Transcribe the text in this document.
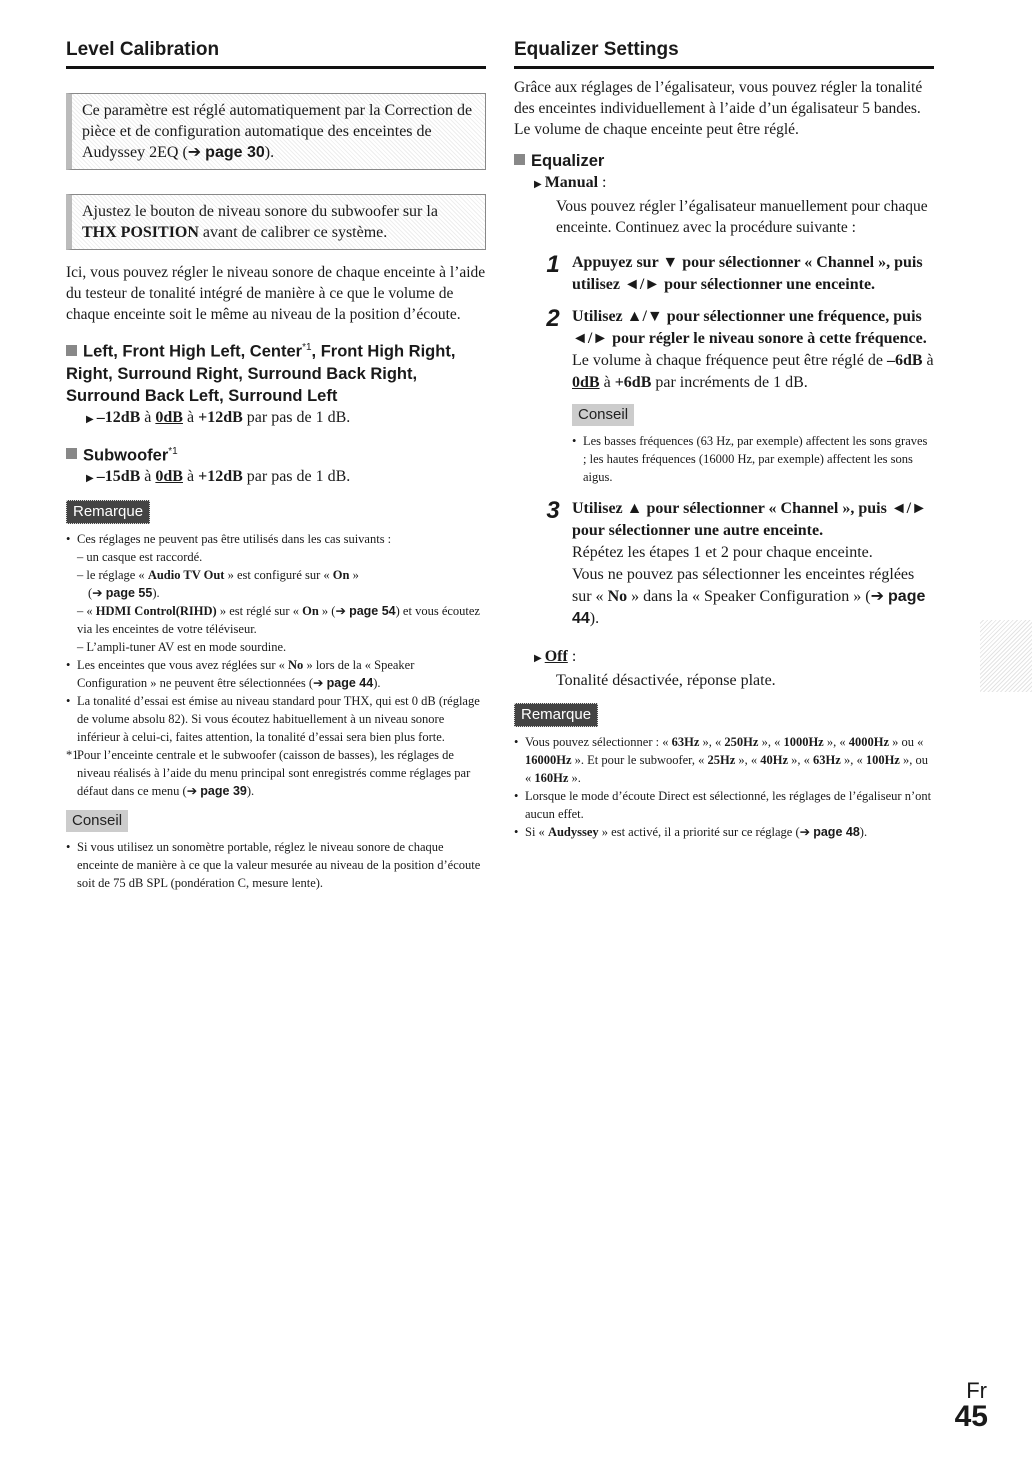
Level Calibration
Ce paramètre est réglé automatiquement par la Correction de pièce et de configuration automatique des enceintes de Audyssey 2EQ (➔ page 30).
Ajustez le bouton de niveau sonore du subwoofer sur la THX POSITION avant de calibrer ce système.

Ici, vous pouvez régler le niveau sonore de chaque enceinte à l’aide du testeur de tonalité intégré de manière à ce que le volume de chaque enceinte soit le même au niveau de la position d’écoute.

Left, Front High Left, Center$^{*1}$, Front High Right, Right, Surround Right, Surround Back Right, Surround Back Left, Surround Left

▶ –12dB à 0dB à +12dB par pas de 1 dB.

Subwoofer$^{*1}$

▶ –15dB à 0dB à +12dB par pas de 1 dB.

Remarque
• Ces réglages ne peuvent pas être utilisés dans les cas suivants :
– un casque est raccordé.
– le réglage « Audio TV Out » est configuré sur « On »
(➔ page 55).
– « HDMI Control(RIHD) » est réglé sur « On » (➔ page 54) et vous écoutez via les enceintes de votre téléviseur.
– L’ampli-tuner AV est en mode sourdine.
• Les enceintes que vous avez réglées sur « No » lors de la « Speaker Configuration » ne peuvent être sélectionnées (➔ page 44).
• La tonalité d’essai est émise au niveau standard pour THX, qui est 0 dB (réglage de volume absolu 82). Si vous écoutez habituellement à un niveau sonore inférieur à celui-ci, faites attention, la tonalité d’essai sera bien plus forte.
*1
Pour l’enceinte centrale et le subwoofer (caisson de basses), les réglages de niveau réalisés à l’aide du menu principal sont enregistrés comme réglages par défaut dans ce menu (➔ page 39).
Conseil
• Si vous utilisez un sonomètre portable, réglez le niveau sonore de chaque enceinte de manière à ce que la valeur mesurée au niveau de la position d’écoute soit de 75 dB SPL (pondération C, mesure lente).
Equalizer Settings

Grâce aux réglages de l’égalisateur, vous pouvez régler la tonalité des enceintes individuellement à l’aide d’un égalisateur 5 bandes. Le volume de chaque enceinte peut être réglé.

Equalizer

▶ Manual :

Vous pouvez régler l’égalisateur manuellement pour chaque enceinte. Continuez avec la procédure suivante :

1 Appuyez sur ▼ pour sélectionner « Channel », puis utilisez ◄/► pour sélectionner une enceinte.

2 Utilisez ▲/▼ pour sélectionner une fréquence, puis ◄/► pour régler le niveau sonore à cette fréquence.

Le volume à chaque fréquence peut être réglé de –6dB à 0dB à +6dB par incréments de 1 dB.

Conseil
• Les basses fréquences (63 Hz, par exemple) affectent les sons graves ; les hautes fréquences (16000 Hz, par exemple) affectent les sons aigus.
3 Utilisez ▲ pour sélectionner « Channel », puis ◄/► pour sélectionner une autre enceinte.

Répétez les étapes 1 et 2 pour chaque enceinte.

Vous ne pouvez pas sélectionner les enceintes réglées sur « No » dans la « Speaker Configuration » (➔ page 44).

▶ Off :

Tonalité désactivée, réponse plate.

Remarque
• Vous pouvez sélectionner : « 63Hz », « 250Hz », « 1000Hz », « 4000Hz » ou « 16000Hz ». Et pour le subwoofer, « 25Hz », « 40Hz », « 63Hz », « 100Hz », ou « 160Hz ».
• Lorsque le mode d’écoute Direct est sélectionné, les réglages de l’égaliseur n’ont aucun effet.
• Si « Audyssey » est activé, il a priorité sur ce réglage (➔ page 48).
Fr
45
